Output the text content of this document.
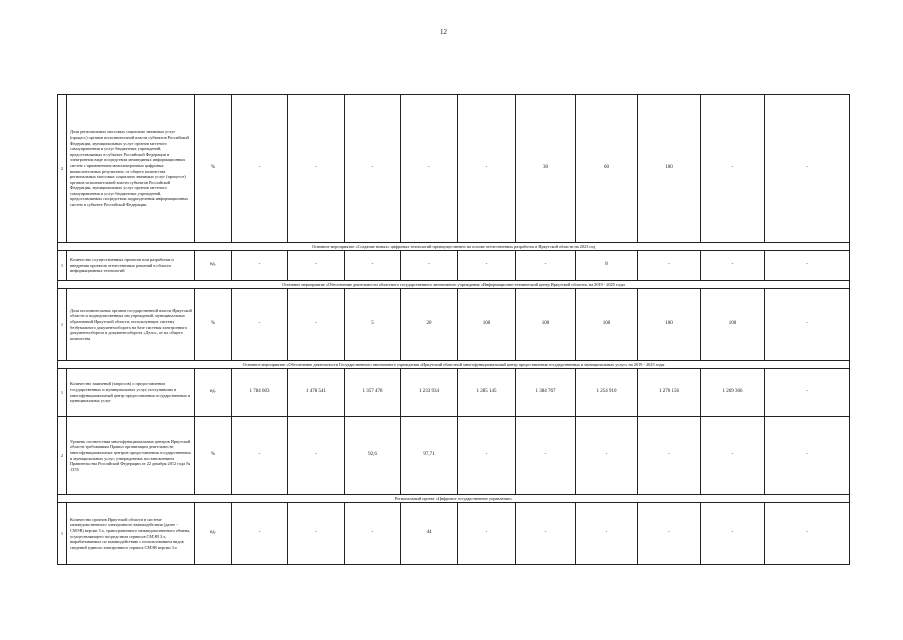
12
2	Доля региональных массовых социально значимых услуг (процесс) органов исполнительной власти субъектов Российской Федерации, муниципальных услуг органов местного самоуправления и услуг бюджетных учреждений, предоставляемых в субъекте Российской Федерации в электронном виде посредством межвединых информационных систем с применением межэлектронных цифровых вычислительных результатов, от общего количества региональных массовых социально значимых услуг (процессе) органов исполнительной власти субъектов Российской Федерации, муниципальных услуг органов местного самоуправления и услуг бюджетных учреждений, предоставляемых посредством подразделения информационных систем в субъекте Российской Федерации	%	-	-	-	-	-	30	60	100	-	-
Основное мероприятие «Создание новых» цифровых технологий преимущественно на основе отечественных разработок в Иркутской области на 2023 год												
1	Количество осуществленных проектов или разработки и внедрения проектов отечественных решений в области информационных технологий	ед.	-	-	-	-	-	-	8	-	-	-
Основное мероприятие «Обеспечение деятельности областного государственного автономного учреждения «Информационно-технический центр Иркутской области» на 2019 - 2025 годы												
1	Доля исполнительных органов государственной власти Иркутской области и подведомственных им учреждений, муниципальных образований Иркутской области, использующих систему безбумажного документооборота на базе системы электронного документооборота и документооборота «Дело», от их общего количества	%	-	-	5	20	100	100	100	100	100	-
Основное мероприятие «Обеспечение деятельности Государственного автономного учреждения «Иркутский областной многофункциональный центр предоставления государственных и муниципальных услуг» на 2019 - 2025 годы												
1	Количество заявлений (запросов) о предоставлении государственных и муниципальных услуг, поступивших в многофункциональный центр предоставления государственных и муниципальных услуг	ед.	1 784 603	1 478 541	1 357 478	1 233 934	1 285 145	1 384 767	1 254 910	1 270 156	1 269 366	-
2	Уровень соответствия многофункциональных центров Иркутской области требованиям Правил организации деятельности многофункциональных центров предоставления государственных и муниципальных услуг, утвержденных постановлением Правительства Российской Федерации от 22 декабря 2012 года № 1376	%	-	-	92,6	97,71	-	-	-	-	-	-
Региональный проект «Цифровое государственное управление»												
1	Количество органов Иркутской области в системе межведомственного электронного взаимодействия (далее - СМЭВ) версии 3.х, трансграничного межведомственного обмена, осуществляющего посредством сервисов СМЭВ 3.х, вырабатываемых по взаимодействию с использованием видов сведений единого электронного сервиса СМЭВ версии 3.х	ед.	-	-	-	44	-	-	-	-	-	-
